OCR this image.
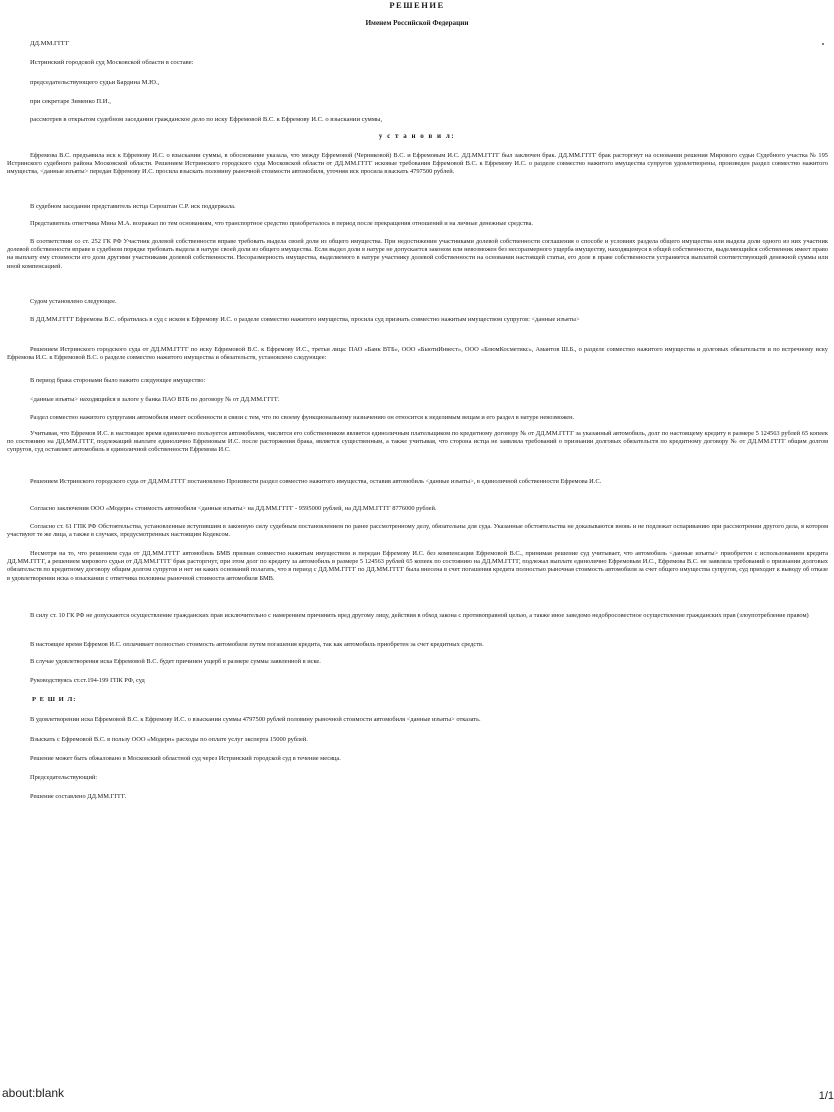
РЕШЕНИЕ
Именем Российской Федерации
ДД.ММ.ГГГГ
Истринский городской суд Московской области в составе:
председательствующего судьи Бардина М.Ю.,
при секретаре Зименко П.И.,
рассмотрев в открытом судебном заседании гражданское дело по иску Ефремовой В.С. к Ефремову И.С. о взыскании суммы,
у с т а н о в и л:
Ефремова В.С. предъявила иск к Ефремову И.С. о взыскании суммы, в обоснование указала, что между Ефремовой (Черниковой) В.С. и Ефремовым И.С. ДД.ММ.ГГГГ был заключен брак. ДД.ММ.ГГГГ брак расторгнут на основании решения Мирового судьи Судебного участка № 195 Истринского судебного района Московской области. Решением Истринского городского суда Московской области от ДД.ММ.ГГГГ исковые требования Ефремовой В.С. к Ефремову И.С. о разделе совместно нажитого имущества супругов удовлетворены, произведен раздел совместно нажитого имущества, <данные изъяты> передан Ефремову И.С. просила взыскать половину рыночной стоимости автомобиля, уточняя иск просила взыскать 4797500 рублей.
В судебном заседании представитель истца Сероштан С.Р. иск поддержала.
Представитель ответчика Мина М.А. возражал по тем основаниям, что транспортное средство приобреталось в период после прекращения отношений и на личные денежные средства.
В соответствии со ст. 252 ГК РФ Участник долевой собственности вправе требовать выдела своей доли из общего имущества. При недостижении участниками долевой собственности соглашения о способе и условиях раздела общего имущества или выдела доли одного из них участник долевой собственности вправе в судебном порядке требовать выдела в натуре своей доли из общего имущества. Если выдел доли в натуре не допускается законом или невозможен без несоразмерного ущерба имуществу, находящемуся в общей собственности, выделяющийся собственник имеет право на выплату ему стоимости его доли другими участниками долевой собственности. Несоразмерность имущества, выделяемого в натуре участнику долевой собственности на основании настоящей статьи, его доле в праве собственности устраняется выплатой соответствующей денежной суммы или иной компенсацией.
Судом установлено следующее.
В ДД.ММ.ГГГГ Ефремова В.С. обратилась в суд с иском к Ефремову И.С. о разделе совместно нажитого имущества, просила суд признать совместно нажитым имуществом супругов: <данные изъяты>
Решением Истринского городского суда от ДД.ММ.ГГГГ по иску Ефремовой В.С. к Ефремову И.С., третьи лица: ПАО «Банк ВТБ», ООО «БьютиИнвест», ООО «БлюмКосметикс», Амантов Ш.Б., о разделе совместно нажитого имущества и долговых обязательств и по встречному иску Ефремова И.С. к Ефремовой В.С. о разделе совместно нажитого имущества и обязательств, установлено следующее:
В период брака сторонами было нажито следующее имущество:
<данные изъяты> находящийся в залоге у банка ПАО ВТБ по договору № от ДД.ММ.ГГГГ.
Раздел совместно нажитого супругами автомобиля имеет особенности в связи с тем, что по своему функциональному назначению он относится к неделимым вещам и его раздел в натуре невозможен.
Учитывая, что Ефремов И.С. в настоящее время единолично пользуется автомобилем, числится его собственником является единоличным плательщиком по кредитному договору № от ДД.ММ.ГГГГ за указанный автомобиль, долг по настоящему кредиту в размере 5 124563 рублей 65 копеек по состоянию на ДД.ММ.ГГГГ, подлежащий выплате единолично Ефремовым И.С. после расторжения брака, является существенным, а также учитывая, что сторона истца не заявляла требований о признании долговых обязательств по кредитному договору № от ДД.ММ.ГГГГ общим долгом супругов, суд оставляет автомобиль в единоличной собственности Ефремова И.С.
Решением Истринского городского суда от ДД.ММ.ГГГГ постановлено Произвести раздел совместно нажитого имущества, оставив автомобиль <данные изъяты>, в единоличной собственности Ефремова И.С.
Согласно заключения ООО «Модерн» стоимость автомобиля <данные изъяты> на ДД.ММ.ГГГГ - 9595000 рублей, на ДД.ММ.ГГГГ 8776000 рублей.
Согласно ст. 61 ГПК РФ Обстоятельства, установленные вступившим в законную силу судебным постановлением по ранее рассмотренному делу, обязательны для суда. Указанные обстоятельства не доказываются вновь и не подлежат оспариванию при рассмотрении другого дела, в котором участвуют те же лица, а также в случаях, предусмотренных настоящим Кодексом.
Несмотря на то, что решением суда от ДД.ММ.ГГГГ автомобиль БМВ признан совместно нажитым имуществом и передан Ефремову И.С. без компенсации Ефремовой В.С., принимая решение суд учитывает, что автомобиль <данные изъяты> приобретен с использованием кредита ДД.ММ.ГГГГ, а решением мирового судьи от ДД.ММ.ГГГГ брак расторгнут, при этом долг по кредиту за автомобиль в размере 5 124563 рублей 65 копеек по состоянию на ДД.ММ.ГГГГ, подлежал выплате единолично Ефремовым И.С., Ефремова В.С. не заявляла требований о признании долговых обязательств по кредитному договору общим долгом супругов и нет ни каких оснований полагать, что в период с ДД.ММ.ГГГГ по ДД.ММ.ГГГГ была внесена в счет погашения кредита полностью рыночная стоимость автомобиля за счет общего имущества супругов, суд приходит к выводу об отказе в удовлетворении иска о взыскании с ответчика половины рыночной стоимости автомобиля БМВ.
В силу ст. 10 ГК РФ не допускаются осуществление гражданских прав исключительно с намерением причинить вред другому лицу, действия в обход закона с противоправной целью, а также иное заведомо недобросовестное осуществление гражданских прав (злоупотребление правом)
В настоящее время Ефремов И.С. оплачивает полностью стоимость автомобиля путем погашения кредита, так как автомобиль приобретен за счет кредитных средств.
В случае удовлетворения иска Ефремовой В.С. будет причинен ущерб в размере суммы заявленной в иске.
Руководствуясь ст.ст.194-199 ГПК РФ, суд
Р Е Ш И Л:
В удовлетворении иска Ефремовой В.С. к Ефремову И.С. о взыскании суммы 4797500 рублей половину рыночной стоимости автомобиля <данные изъяты> отказать.
Взыскать с Ефремовой В.С. в пользу ООО «Модерн» расходы по оплате услуг эксперта 15000 рублей.
Решение может быть обжаловано в Московский областной суд через Истринский городской суд в течение месяца.
Председательствующий:
Решение составлено ДД.ММ.ГГГГ.
about:blank	1/1
